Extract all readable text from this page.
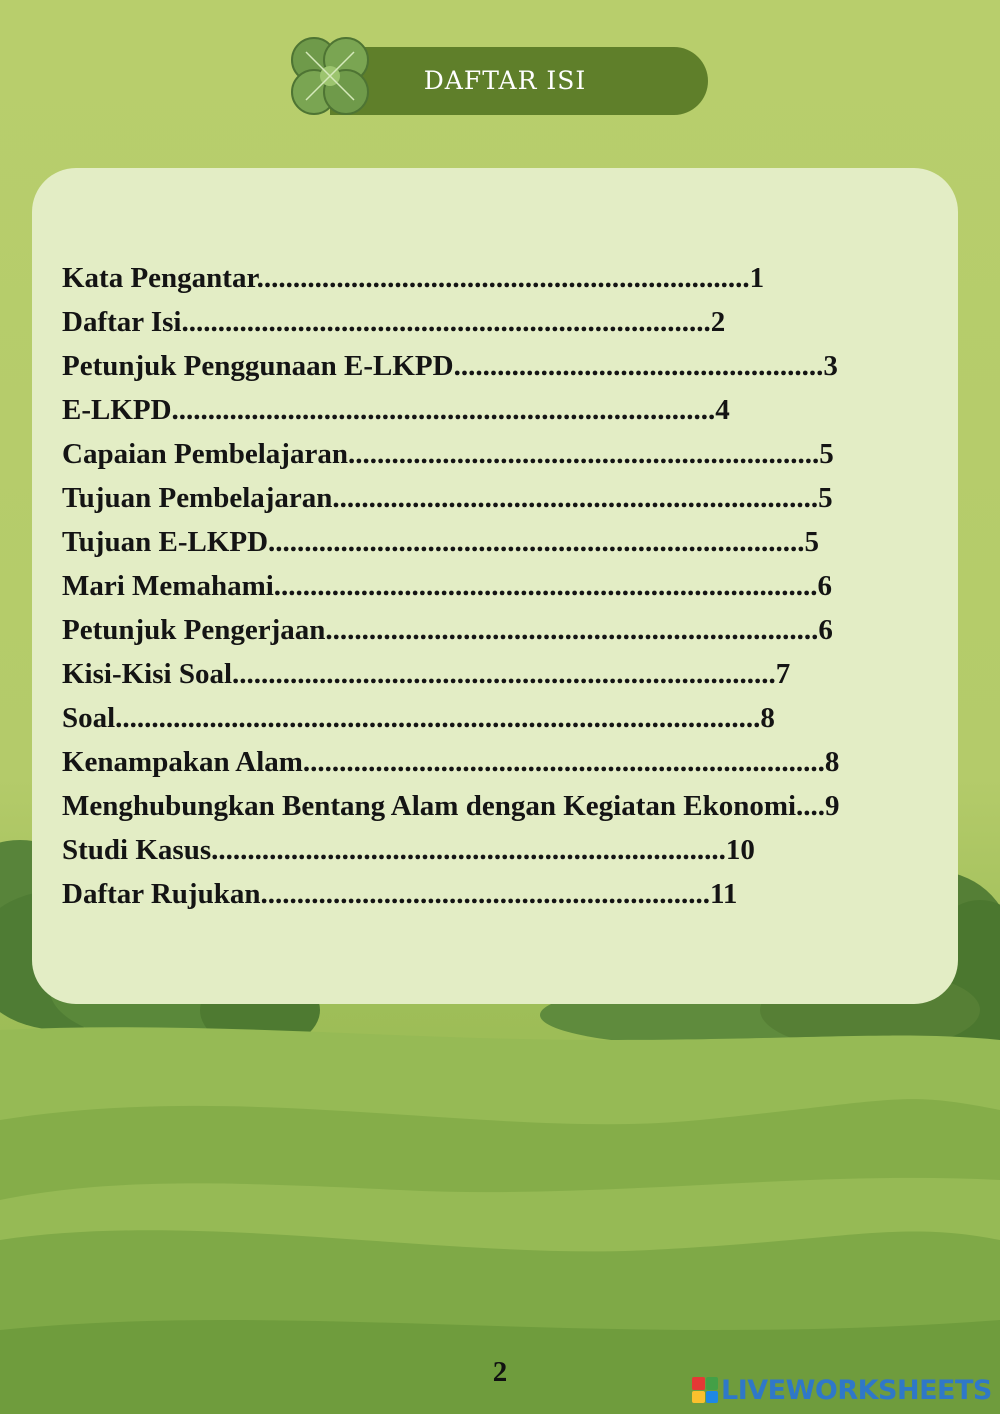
DAFTAR ISI
Kata Pengantar....................................................................1
Daftar Isi.........................................................................2
Petunjuk Penggunaan E-LKPD...................................................3
E-LKPD...........................................................................4
Capaian Pembelajaran.................................................................5
Tujuan Pembelajaran...................................................................5
Tujuan E-LKPD..........................................................................5
Mari Memahami...........................................................................6
Petunjuk Pengerjaan....................................................................6
Kisi-Kisi Soal...........................................................................7
Soal.........................................................................................8
Kenampakan Alam........................................................................8
Menghubungkan Bentang Alam dengan Kegiatan Ekonomi....9
Studi Kasus.......................................................................10
Daftar Rujukan..............................................................11
2
LIVEWORKSHEETS
